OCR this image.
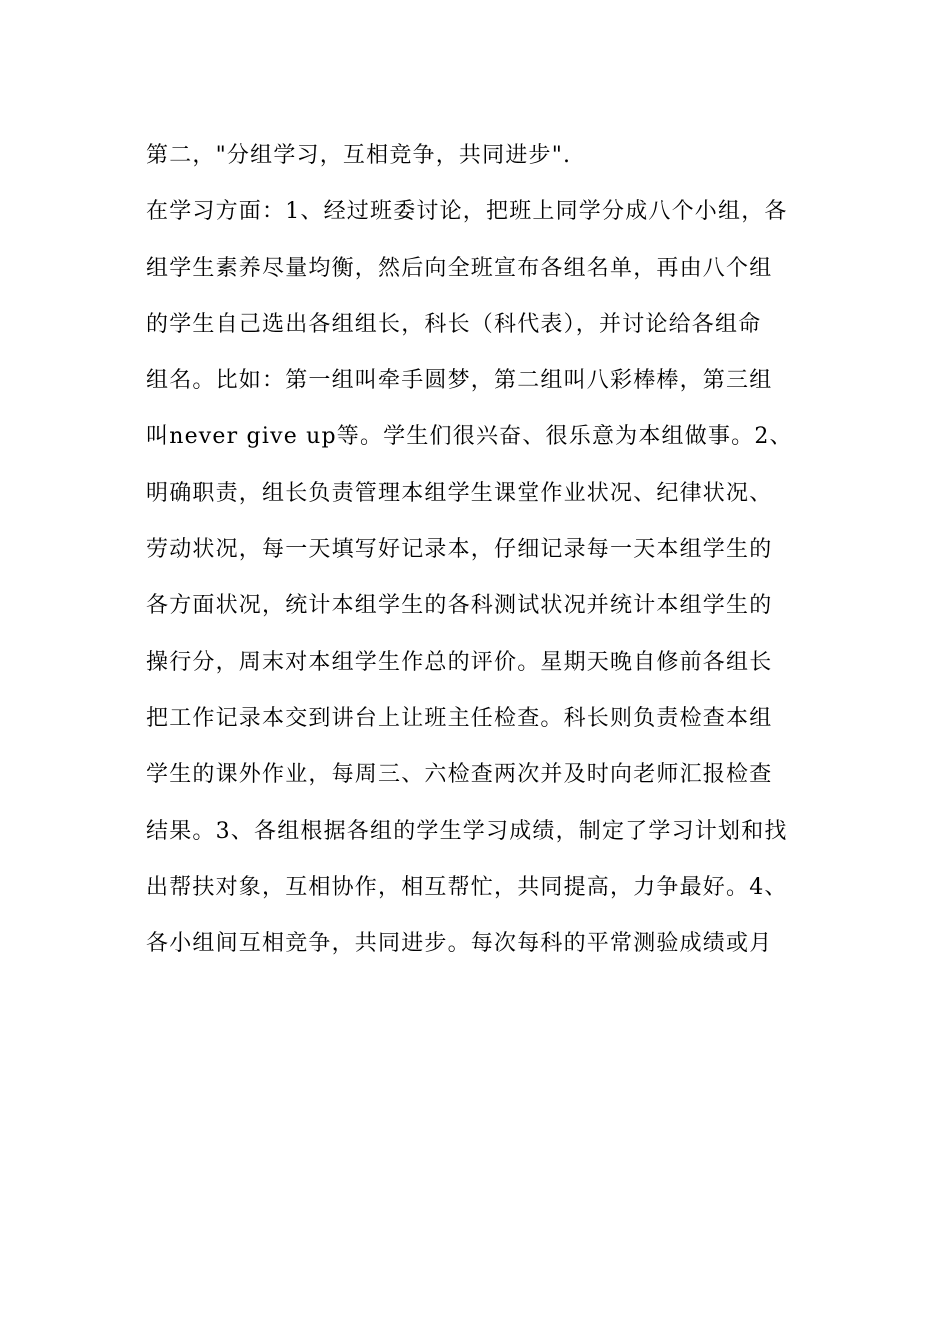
第二，"分组学习，互相竞争，共同进步".
在学习方面：1、经过班委讨论，把班上同学分成八个小组，各
组学生素养尽量均衡，然后向全班宣布各组名单，再由八个组
的学生自己选出各组组长，科长（科代表），并讨论给各组命
组名。比如：第一组叫牵手圆梦，第二组叫八彩棒棒，第三组
叫never give up等。学生们很兴奋、很乐意为本组做事。2、
明确职责，组长负责管理本组学生课堂作业状况、纪律状况、
劳动状况，每一天填写好记录本，仔细记录每一天本组学生的
各方面状况，统计本组学生的各科测试状况并统计本组学生的
操行分，周末对本组学生作总的评价。星期天晚自修前各组长
把工作记录本交到讲台上让班主任检查。科长则负责检查本组
学生的课外作业，每周三、六检查两次并及时向老师汇报检查
结果。3、各组根据各组的学生学习成绩，制定了学习计划和找
出帮扶对象，互相协作，相互帮忙，共同提高，力争最好。4、
各小组间互相竞争，共同进步。每次每科的平常测验成绩或月
